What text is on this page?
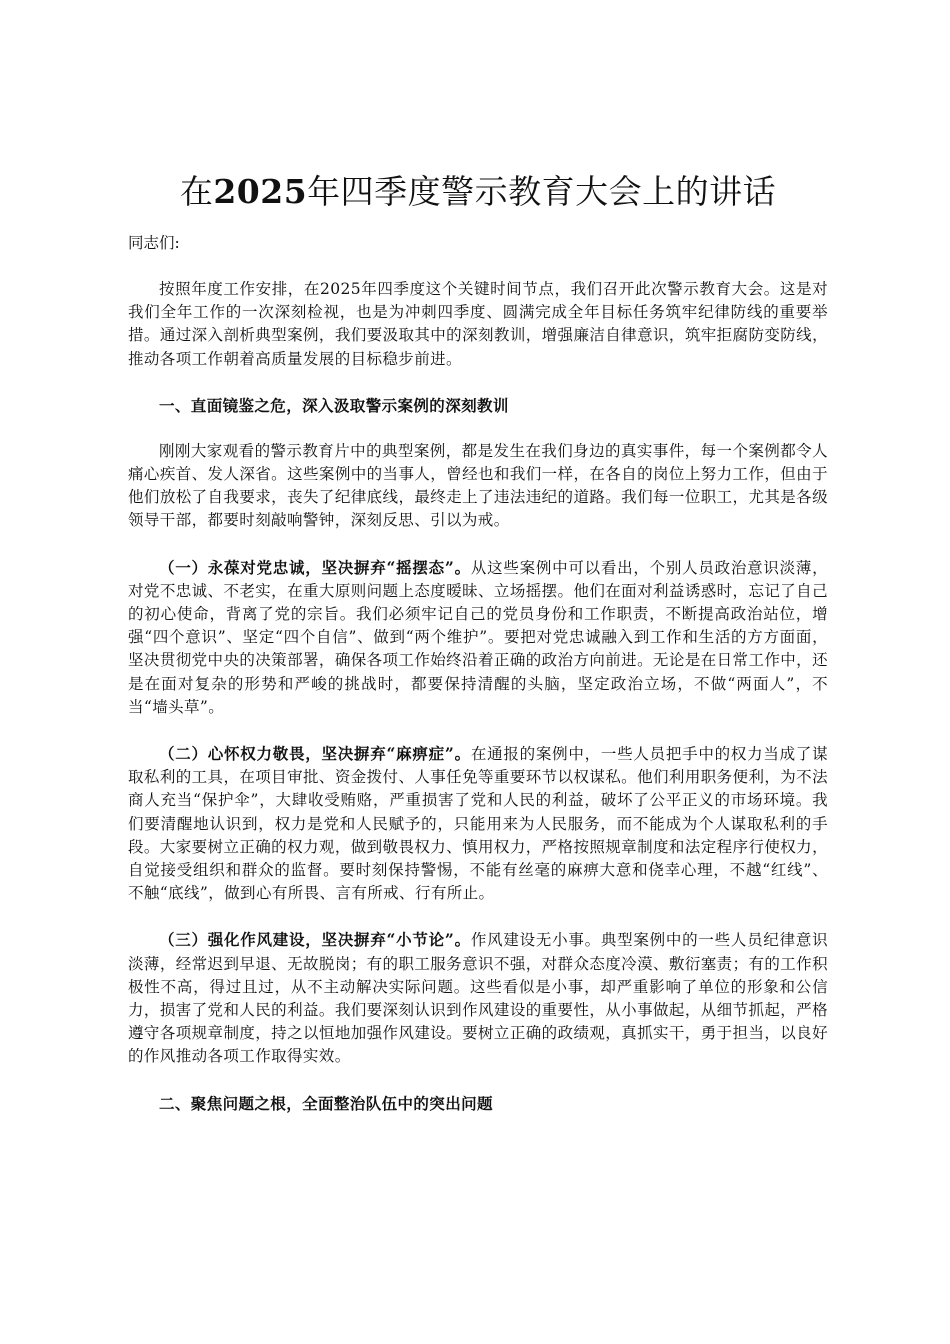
在2025年四季度警示教育大会上的讲话
同志们:

按照年度工作安排，在2025年四季度这个关键时间节点，我们召开此次警示教育大会。这是对我们全年工作的一次深刻检视，也是为冲刺四季度、圆满完成全年目标任务筑牢纪律防线的重要举措。通过深入剖析典型案例，我们要汲取其中的深刻教训，增强廉洁自律意识，筑牢拒腐防变防线，推动各项工作朝着高质量发展的目标稳步前进。

一、直面镜鉴之危，深入汲取警示案例的深刻教训

刚刚大家观看的警示教育片中的典型案例，都是发生在我们身边的真实事件，每一个案例都令人痛心疾首、发人深省。这些案例中的当事人，曾经也和我们一样，在各自的岗位上努力工作，但由于他们放松了自我要求，丧失了纪律底线，最终走上了违法违纪的道路。我们每一位职工，尤其是各级领导干部，都要时刻敲响警钟，深刻反思、引以为戒。

（一）永葆对党忠诚，坚决摒弃“摇摆态”。从这些案例中可以看出，个别人员政治意识淡薄，对党不忠诚、不老实，在重大原则问题上态度暧昧、立场摇摆。他们在面对利益诱惑时，忘记了自己的初心使命，背离了党的宗旨。我们必须牢记自己的党员身份和工作职责，不断提高政治站位，增强“四个意识”、坚定“四个自信”、做到“两个维护”。要把对党忠诚融入到工作和生活的方方面面，坚决贯彻党中央的决策部署，确保各项工作始终沿着正确的政治方向前进。无论是在日常工作中，还是在面对复杂的形势和严峻的挑战时，都要保持清醒的头脑，坚定政治立场，不做“两面人”，不当“墙头草”。

（二）心怀权力敬畏，坚决摒弃“麻痹症”。在通报的案例中，一些人员把手中的权力当成了谋取私利的工具，在项目审批、资金拨付、人事任免等重要环节以权谋私。他们利用职务便利，为不法商人充当“保护伞”，大肆收受贿赂，严重损害了党和人民的利益，破坏了公平正义的市场环境。我们要清醒地认识到，权力是党和人民赋予的，只能用来为人民服务，而不能成为个人谋取私利的手段。大家要树立正确的权力观，做到敬畏权力、慎用权力，严格按照规章制度和法定程序行使权力，自觉接受组织和群众的监督。要时刻保持警惕，不能有丝毫的麻痹大意和侥幸心理，不越“红线”、不触“底线”，做到心有所畏、言有所戒、行有所止。

（三）强化作风建设，坚决摒弃“小节论”。作风建设无小事。典型案例中的一些人员纪律意识淡薄，经常迟到早退、无故脱岗；有的职工服务意识不强，对群众态度冷漠、敷衍塞责；有的工作积极性不高，得过且过，从不主动解决实际问题。这些看似是小事，却严重影响了单位的形象和公信力，损害了党和人民的利益。我们要深刻认识到作风建设的重要性，从小事做起，从细节抓起，严格遵守各项规章制度，持之以恒地加强作风建设。要树立正确的政绩观，真抓实干，勇于担当，以良好的作风推动各项工作取得实效。

二、聚焦问题之根，全面整治队伍中的突出问题
